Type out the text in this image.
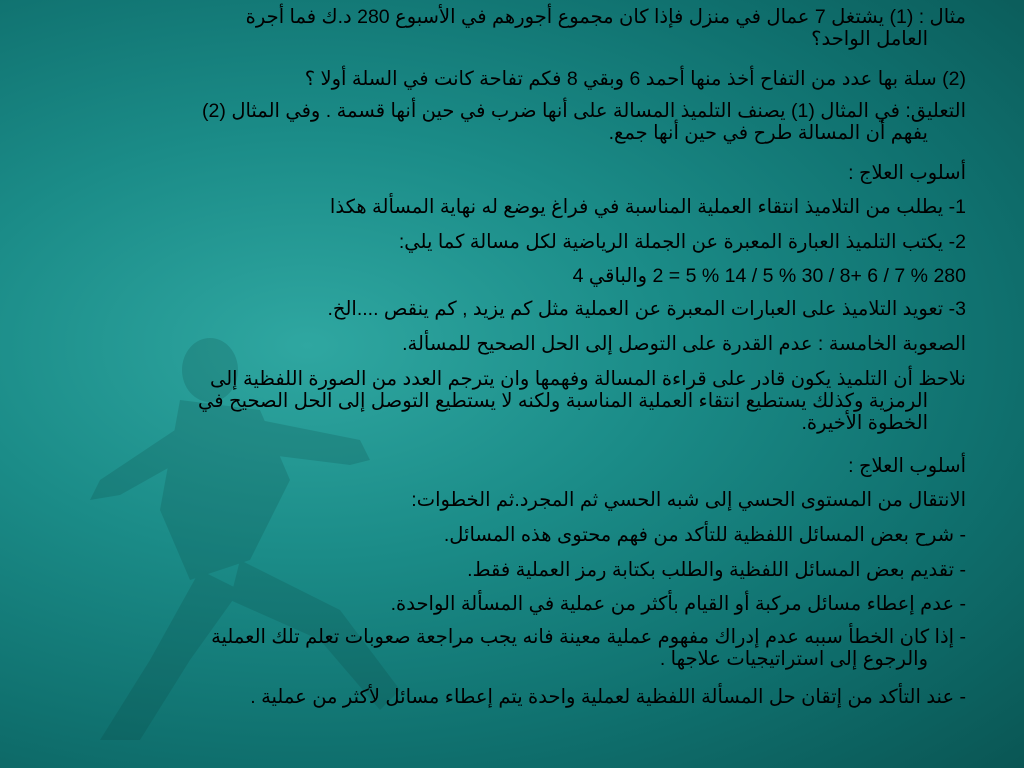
مثال : (1) يشتغل 7 عمال في منزل فإذا كان مجموع أجورهم في الأسبوع 280 د.ك فما أجرة
العامل الواحد؟
(2) سلة بها عدد من التفاح أخذ منها أحمد 6 وبقي 8 فكم تفاحة كانت في السلة أولا ؟
التعليق: في المثال (1) يصنف التلميذ المسالة على أنها ضرب في حين أنها قسمة . وفي المثال (2)
يفهم أن المسالة طرح في حين أنها جمع.
أسلوب العلاج :
1- يطلب من التلاميذ انتقاء العملية المناسبة في فراغ يوضع له نهاية المسألة هكذا
2- يكتب التلميذ العبارة المعبرة عن الجملة الرياضية لكل مسالة كما يلي:
280 % 7 / 6 +8 / 30 % 5 / 14 % 5 = 2 والباقي 4
3- تعويد التلاميذ على العبارات المعبرة عن العملية مثل كم يزيد , كم ينقص ....الخ.
الصعوبة الخامسة : عدم القدرة على التوصل إلى الحل الصحيح للمسألة.
نلاحظ أن التلميذ يكون قادر على قراءة المسالة وفهمها وان يترجم العدد من الصورة اللفظية إلى
الرمزية وكذلك يستطيع انتقاء العملية المناسبة ولكنه لا يستطيع التوصل إلى الحل الصحيح في
الخطوة الأخيرة.
أسلوب العلاج :
الانتقال من المستوى الحسي إلى شبه الحسي ثم المجرد.ثم الخطوات:
- شرح بعض المسائل اللفظية للتأكد من فهم محتوى هذه المسائل.
- تقديم بعض المسائل اللفظية والطلب بكتابة رمز العملية فقط.
- عدم إعطاء مسائل مركبة أو القيام بأكثر من عملية في المسألة الواحدة.
- إذا كان الخطأ سببه عدم إدراك مفهوم عملية معينة فانه يجب مراجعة صعوبات تعلم تلك العملية
والرجوع إلى استراتيجيات علاجها .
- عند التأكد من إتقان حل المسألة اللفظية لعملية واحدة يتم إعطاء مسائل لأكثر من عملية .
